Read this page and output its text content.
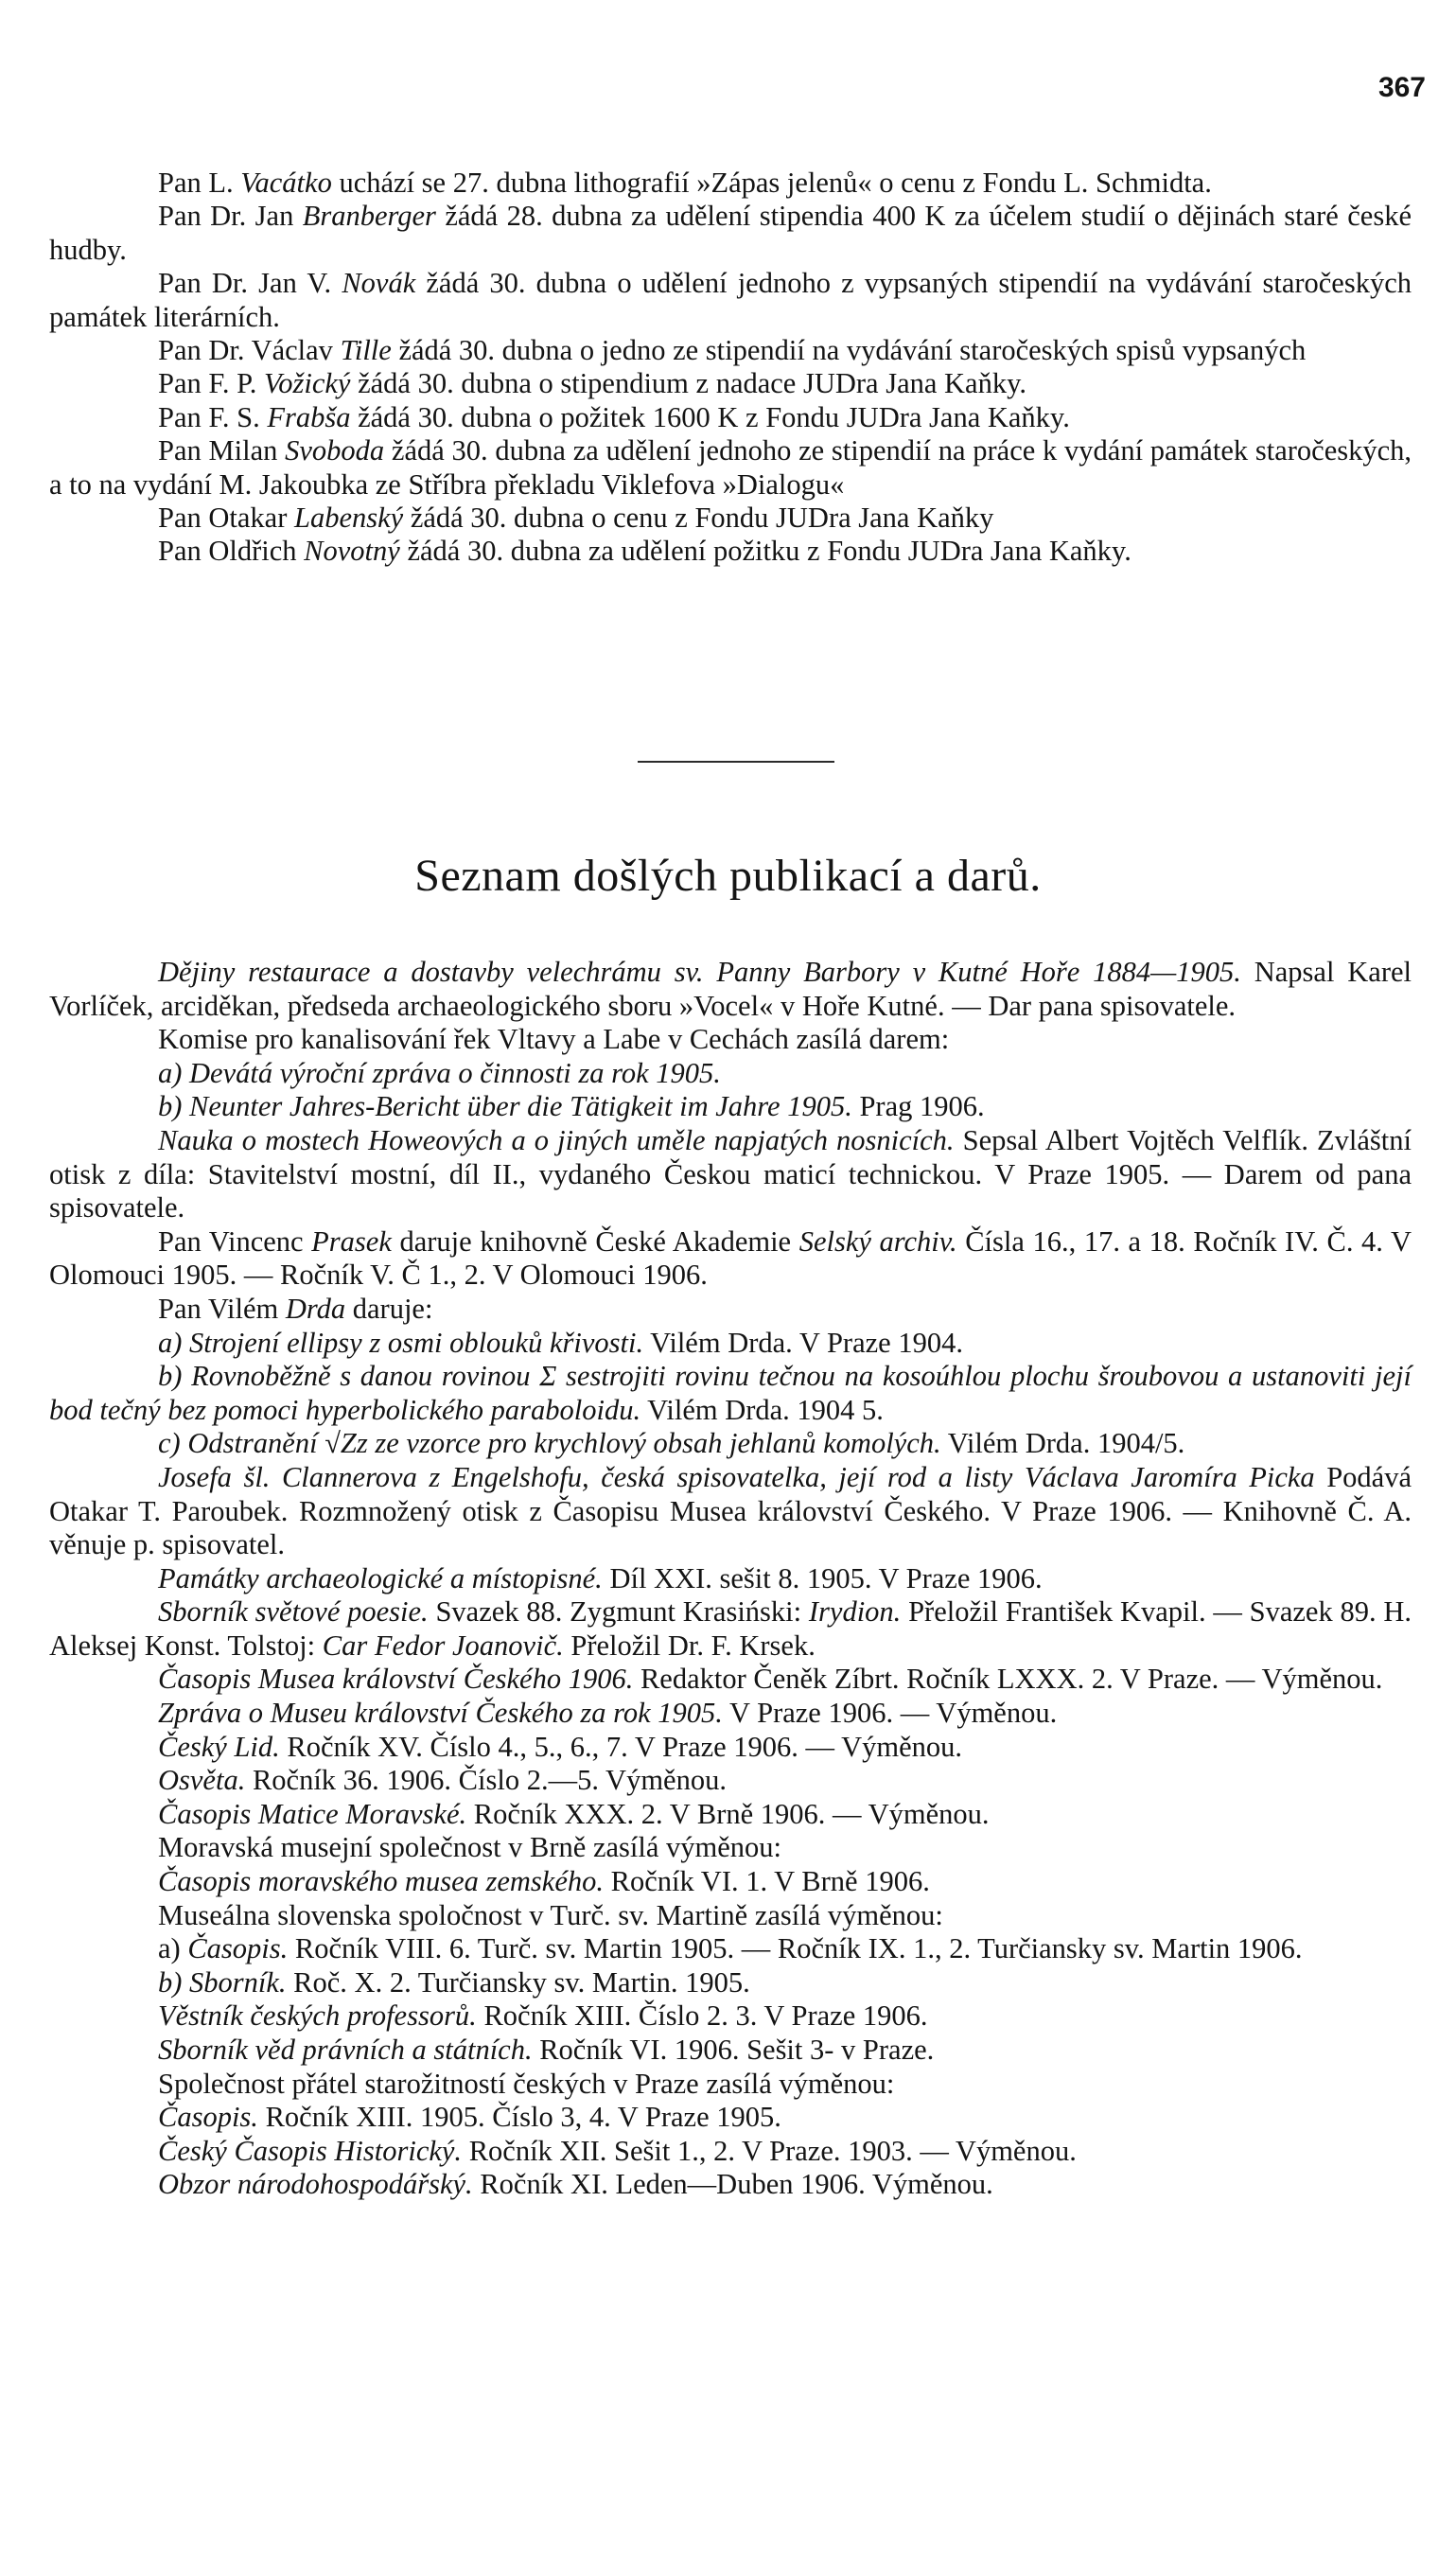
367

Pan L. Vacátko uchází se 27. dubna lithografií »Zápas jelenů« o cenu z Fondu L. Schmidta.

Pan Dr. Jan Branberger žádá 28. dubna za udělení stipendia 400 K za účelem studií o dějinách staré české hudby.

Pan Dr. Jan V. Novák žádá 30. dubna o udělení jednoho z vypsaných stipendií na vydávání staročeských památek literárních.

Pan Dr. Václav Tille žádá 30. dubna o jedno ze stipendií na vydávání staročeských spisů vypsaných

Pan F. P. Vožický žádá 30. dubna o stipendium z nadace JUDra Jana Kaňky.

Pan F. S. Frabša žádá 30. dubna o požitek 1600 K z Fondu JUDra Jana Kaňky.

Pan Milan Svoboda žádá 30. dubna za udělení jednoho ze stipendií na práce k vydání památek staročeských, a to na vydání M. Jakoubka ze Stříbra překladu Viklefova »Dialogu«

Pan Otakar Labenský žádá 30. dubna o cenu z Fondu JUDra Jana Kaňky

Pan Oldřich Novotný žádá 30. dubna za udělení požitku z Fondu JUDra Jana Kaňky.

Seznam došlých publikací a darů.

Dějiny restaurace a dostavby velechrámu sv. Panny Barbory v Kutné Hoře 1884—1905. Napsal Karel Vorlíček, arciděkan, předseda archaeologického sboru »Vocel« v Hoře Kutné. — Dar pana spisovatele.

Komise pro kanalisování řek Vltavy a Labe v Cechách zasílá darem:

a) Devátá výroční zpráva o činnosti za rok 1905.

b) Neunter Jahres-Bericht über die Tätigkeit im Jahre 1905. Prag 1906.

Nauka o mostech Howeových a o jiných uměle napjatých nosnicích. Sepsal Albert Vojtěch Velflík. Zvláštní otisk z díla: Stavitelství mostní, díl II., vydaného Českou maticí technickou. V Praze 1905. — Darem od pana spisovatele.

Pan Vincenc Prasek daruje knihovně České Akademie Selský archiv. Čísla 16., 17. a 18. Ročník IV. Č. 4. V Olomouci 1905. — Ročník V. Č 1., 2. V Olomouci 1906.

Pan Vilém Drda daruje:

a) Strojení ellipsy z osmi oblouků křivosti. Vilém Drda. V Praze 1904.

b) Rovnoběžně s danou rovinou Σ sestrojiti rovinu tečnou na kosoúhlou plochu šroubovou a ustanoviti její bod tečný bez pomoci hyperbolického paraboloidu. Vilém Drda. 1904 5.

c) Odstranění √Zz ze vzorce pro krychlový obsah jehlanů komolých. Vilém Drda. 1904/5.

Josefa šl. Clannerova z Engelshofu, česká spisovatelka, její rod a listy Václava Jaromíra Picka Podává Otakar T. Paroubek. Rozmnožený otisk z Časopisu Musea království Českého. V Praze 1906. — Knihovně Č. A. věnuje p. spisovatel.

Památky archaeologické a místopisné. Díl XXI. sešit 8. 1905. V Praze 1906.

Sborník světové poesie. Svazek 88. Zygmunt Krasiński: Irydion. Přeložil František Kvapil. — Svazek 89. H. Aleksej Konst. Tolstoj: Car Fedor Joanovič. Přeložil Dr. F. Krsek.

Časopis Musea království Českého 1906. Redaktor Čeněk Zíbrt. Ročník LXXX. 2. V Praze. — Výměnou.

Zpráva o Museu království Českého za rok 1905. V Praze 1906. — Výměnou.

Český Lid. Ročník XV. Číslo 4., 5., 6., 7. V Praze 1906. — Výměnou.

Osvěta. Ročník 36. 1906. Číslo 2.—5. Výměnou.

Časopis Matice Moravské. Ročník XXX. 2. V Brně 1906. — Výměnou.

Moravská musejní společnost v Brně zasílá výměnou:

Časopis moravského musea zemského. Ročník VI. 1. V Brně 1906.

Museálna slovenska spoločnost v Turč. sv. Martině zasílá výměnou:

a) Časopis. Ročník VIII. 6. Turč. sv. Martin 1905. — Ročník IX. 1., 2. Turčiansky sv. Martin 1906.

b) Sborník. Roč. X. 2. Turčiansky sv. Martin. 1905.

Věstník českých professorů. Ročník XIII. Číslo 2. 3. V Praze 1906.

Sborník věd právních a státních. Ročník VI. 1906. Sešit 3- v Praze.

Společnost přátel starožitností českých v Praze zasílá výměnou:

Časopis. Ročník XIII. 1905. Číslo 3, 4. V Praze 1905.

Český Časopis Historický. Ročník XII. Sešit 1., 2. V Praze. 1903. — Výměnou.

Obzor národohospodářský. Ročník XI. Leden—Duben 1906. Výměnou.
